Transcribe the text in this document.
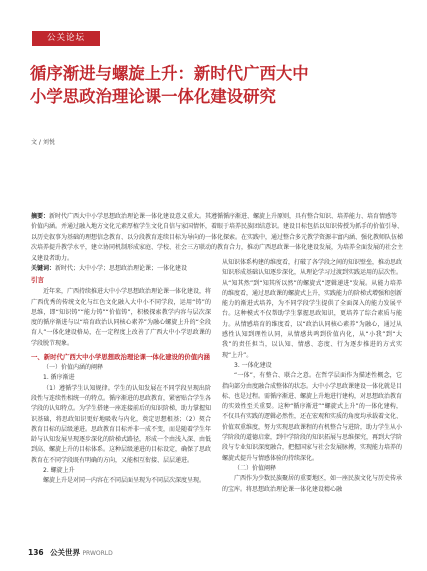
公关论坛
循序渐进与螺旋上升：新时代广西大中
小学思政治理论课一体化建设研究
文 / 刘悦
摘要：新时代广西大中小学思想政治理论课一体化建设意义重大。其遵循循序渐进、螺旋上升原则，具有整合知识、培养能力、培育情感等价值内涵。并通过融入地方文化元素厚植学生文化自信与家国情怀，着眼于培养民族团结意识。建设目标包括以知识传授为抓手的价值引导、以历史叙事为基础的理想信念教育、以分段教育连续目标为导向的一体化探索。在实践中，通过整合多元教学资源丰富内涵、强化教师队伍梯次培养提升教学水平，建立协同机制形成家庭、学校、社会三方联动的教育合力，推动广西思政课一体化建设发展，为培养全面发展的社会主义建设者助力。
关键词：新时代；大中小学；思想政治理论课；一体化建设
引言

近年来，广西持续推进大中小学思想政治理论课一体化建设，将广西优秀的传统文化与红色文化融入大中小不同学段，运用“铸”的思维，即“知识铸”“能力铸”“价值铸”，积极探索教学内容与层次深度的循序渐进与以“培育政治认同核心素养”为融心螺旋上升的“全段育人”一体化建设格局，在一定程度上改善了广西大中小学思政课的学段脱节现象。

一、新时代广西大中小学思想政治理论课一体化建设的价值内涵

（一）价值内涵的阐释

1. 循序渐进

（1）遵循学生认知规律。学生的认知发展在不同学段呈现出阶段性与连续性相统一的特点。循序渐进的思政教育，紧密贴合学生各学段的认知特点。为学生搭建一座连接前后的知识阶梯，助力掌握知识基础，将思政知识更好地吸收与内化，奠定思想根基；（2）契合教育目标的层级递进。思政教育目标并非一成不变，而是随着学生年龄与认知发展呈现逐步深化的阶梯式路径，形成一个由浅入深、由低到高、螺旋上升的目标体系。这种层级递进的目标设定，确保了思政教育在不同学段既有明确的方向，又能相互衔接、层层递进。

2. 螺旋上升

螺旋上升是对同一内容在不同层面呈现为不同层次深度呈现。

从知识体系构建的维度看，打破了各学段之间的知识壁垒，推动思政知识形成基础认知逐步深化，从理论学习过渡到实践运用的层次性。从“知其然”到“知其所以然”的螺旋式“逻辑递进”发展。从能力培养的维度看，通过思政课的螺旋式上升，实践能力的阶梯式增强和创新能力的渐进式培养，为不同学段学生提供了全面深入的能力发展平台。这种模式不仅帮助学生掌握思政知识，更培养了综合素质与能力。从情感培育的维度看，以“政治认同核心素养”为融心，通过从感性认知到理性认同，从情感共鸣到价值内化，从“小我”到“大我”的责任担当，以认知、情感、态度、行为逐步推进的方式实现“上升”。

3. 一体化建设

“一体”，有整合、联合之意。在哲学层面作为描述性概念，它指向部分由度融合成整体的状态。大中小学思政课建设一体化就是目标、也是过程。需循序渐进、螺旋上升地进行建构，对思想政治教育的实效性至关重要。这种“循序渐进”“螺旋式上升”的一体化建构，不仅具有实践的逻辑必然性，还在宏观和实质的角度均承载着文化、价值双重维度，努力实现思政课程的有机整合与进阶，助力学生从小学阶段的道德启蒙，到中学阶段的知识拓展与思维探究，再到大学阶段与专业知识深度融合，把握国家与社会发展脉搏，实现能力培养的螺旋式提升与情感体验的持续深化。

（二）价值阐释

广西作为少数民族聚居的重要地区，如一座民族文化与历史传承的宝库。将思想政治理论课一体化建设精心融

136 公关世界 PRWORLD
